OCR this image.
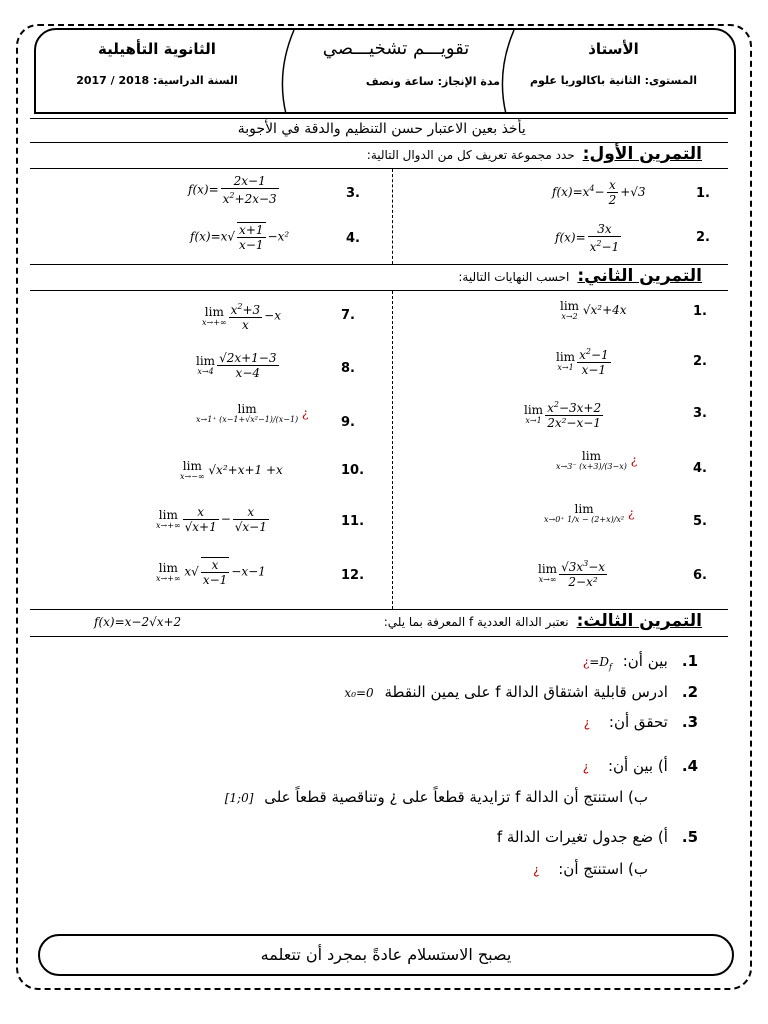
الأستاذ
المستوى: الثانية باكالوريا علوم
تقويـــم تشخيـــصي
مدة الإنجاز: ساعة ونصف
الثانوية التأهيلية
السنة الدراسية: 2018 / 2017
󠁯 يأخذ بعين الاعتبار حسن التنظيم والدقة في الأجوبة
التمرين الأول:حدد مجموعة تعريف كل من الدوال التالية:
1.
$f(x)=x^4- \frac{x}{2} +√3$
2.
$f(x)= \frac{3x}{x^2-1}$
3.
$f(x)= \frac{2x-1}{x^2+2x-3}$
4.
$f(x)=x√ \frac{x+1}{x-1} -x^2$
التمرين الثاني:احسب النهايات التالية:
1.
lim
x→2 √x²+4x
2.
lim
$x\to 1 \frac{x^2-1}{x-1}$
3.
lim
$x\to 1 \frac{x^2-3x+2}{\text{2x²−x−1}}$
4.
lim
x→3⁻ (x+3)/(3−x) ¿
5.
lim
x→0⁺ 1/x − (2+x)/x² ¿
6.
lim
$x\to\infty \frac{√3x^3-x}{\text{2−x²}}$
7.
lim
$x\to+\infty \frac{x^2+3}{x} -x$
8.
lim
$x\to 4 \frac{√2x+1-3}{x-4}$
9.
lim
x→1⁺ (x−1+√x²−1)/(x−1) ¿
10.
lim
x→−∞ √x²+x+1 +x
11.
lim
$x\to+\infty \frac{x}{√x+1} - \frac{x}{√x-1}$
12.
lim
x→+∞ $x√ \frac{x}{x-1} -x-1$
التمرين الثالث:نعتبر الدالة العددية f المعرفة بما يلي:
f(x)=x−2√x+2
1.بين أن: $D_f=¿$
2.ادرس قابلية اشتقاق الدالة f على يمين النقطة x₀=0
3.تحقق أن: ¿
4.أ) بين أن: ¿
ب) استنتج أن الدالة f تزايدية قطعاً على ¿ وتناقصية قطعاً على [0;1]
5.أ) ضع جدول تغيرات الدالة f
ب) استنتج أن: ¿
يصبح الاستسلام عادةً بمجرد أن تتعلمه
